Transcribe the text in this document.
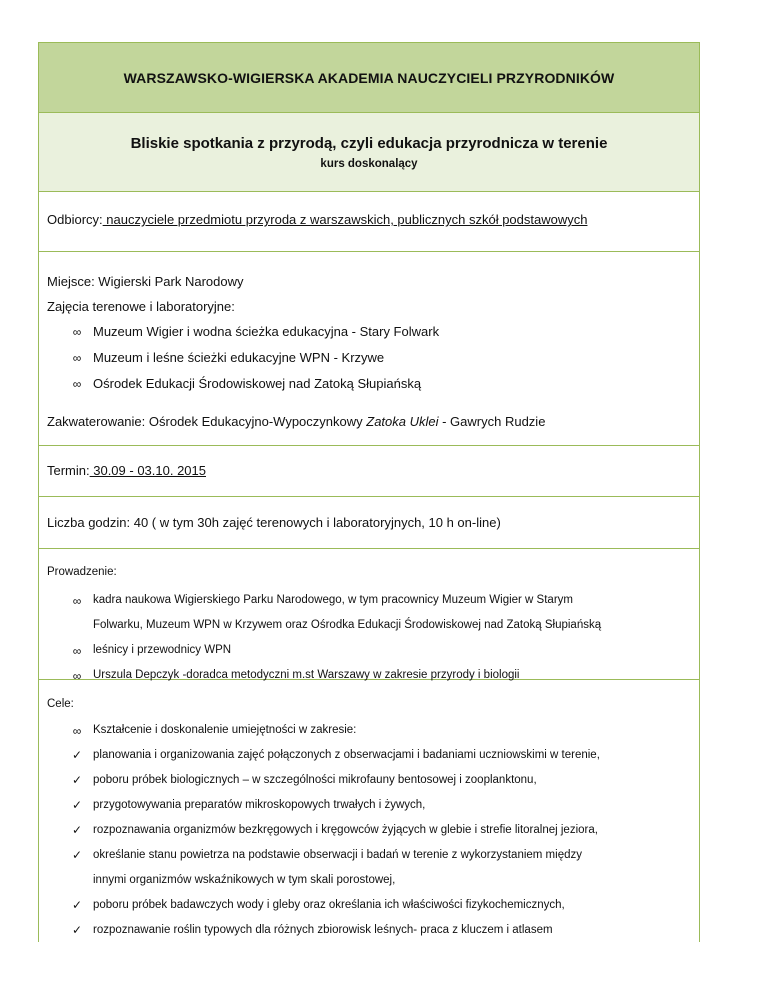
WARSZAWSKO-WIGIERSKA AKADEMIA NAUCZYCIELI PRZYRODNIKÓW
Bliskie spotkania z przyrodą, czyli edukacja przyrodnicza w terenie
kurs doskonalący
Odbiorcy: nauczyciele przedmiotu przyroda z warszawskich, publicznych szkół podstawowych
Miejsce: Wigierski Park Narodowy
Zajęcia terenowe i laboratoryjne:
∞ Muzeum Wigier i wodna ścieżka edukacyjna - Stary Folwark
∞ Muzeum i leśne ścieżki edukacyjne WPN - Krzywe
∞ Ośrodek Edukacji Środowiskowej nad Zatoką Słupiańską
Zakwaterowanie: Ośrodek Edukacyjno-Wypoczynkowy Zatoka Uklei - Gawrych Rudzie
Termin: 30.09 - 03.10. 2015
Liczba godzin: 40 ( w tym 30h zajęć terenowych i laboratoryjnych, 10 h on-line)
Prowadzenie:
∞ kadra naukowa Wigierskiego Parku Narodowego, w tym pracownicy Muzeum Wigier w Starym
Folwarku, Muzeum WPN w Krzywem oraz Ośrodka Edukacji Środowiskowej nad Zatoką Słupiańską
∞ leśnicy i przewodnicy WPN
∞ Urszula Depczyk -doradca metodyczni m.st Warszawy w zakresie przyrody i biologii
Cele:
∞ Kształcenie i doskonalenie umiejętności w zakresie:
✓ planowania i organizowania zajęć połączonych z obserwacjami i badaniami uczniowskimi w terenie,
✓ poboru próbek biologicznych – w szczególności mikrofauny bentosowej i zooplanktonu,
✓ przygotowywania preparatów mikroskopowych trwałych i żywych,
✓ rozpoznawania organizmów bezkręgowych i kręgowców żyjących w glebie i strefie litoralnej jeziora,
✓ określanie stanu powietrza na podstawie obserwacji i badań w terenie z wykorzystaniem między
innymi organizmów wskaźnikowych w tym skali porostowej,
✓ poboru próbek badawczych wody i gleby oraz określania ich właściwości fizykochemicznych,
✓ rozpoznawanie roślin typowych dla różnych zbiorowisk leśnych- praca z kluczem i atlasem
